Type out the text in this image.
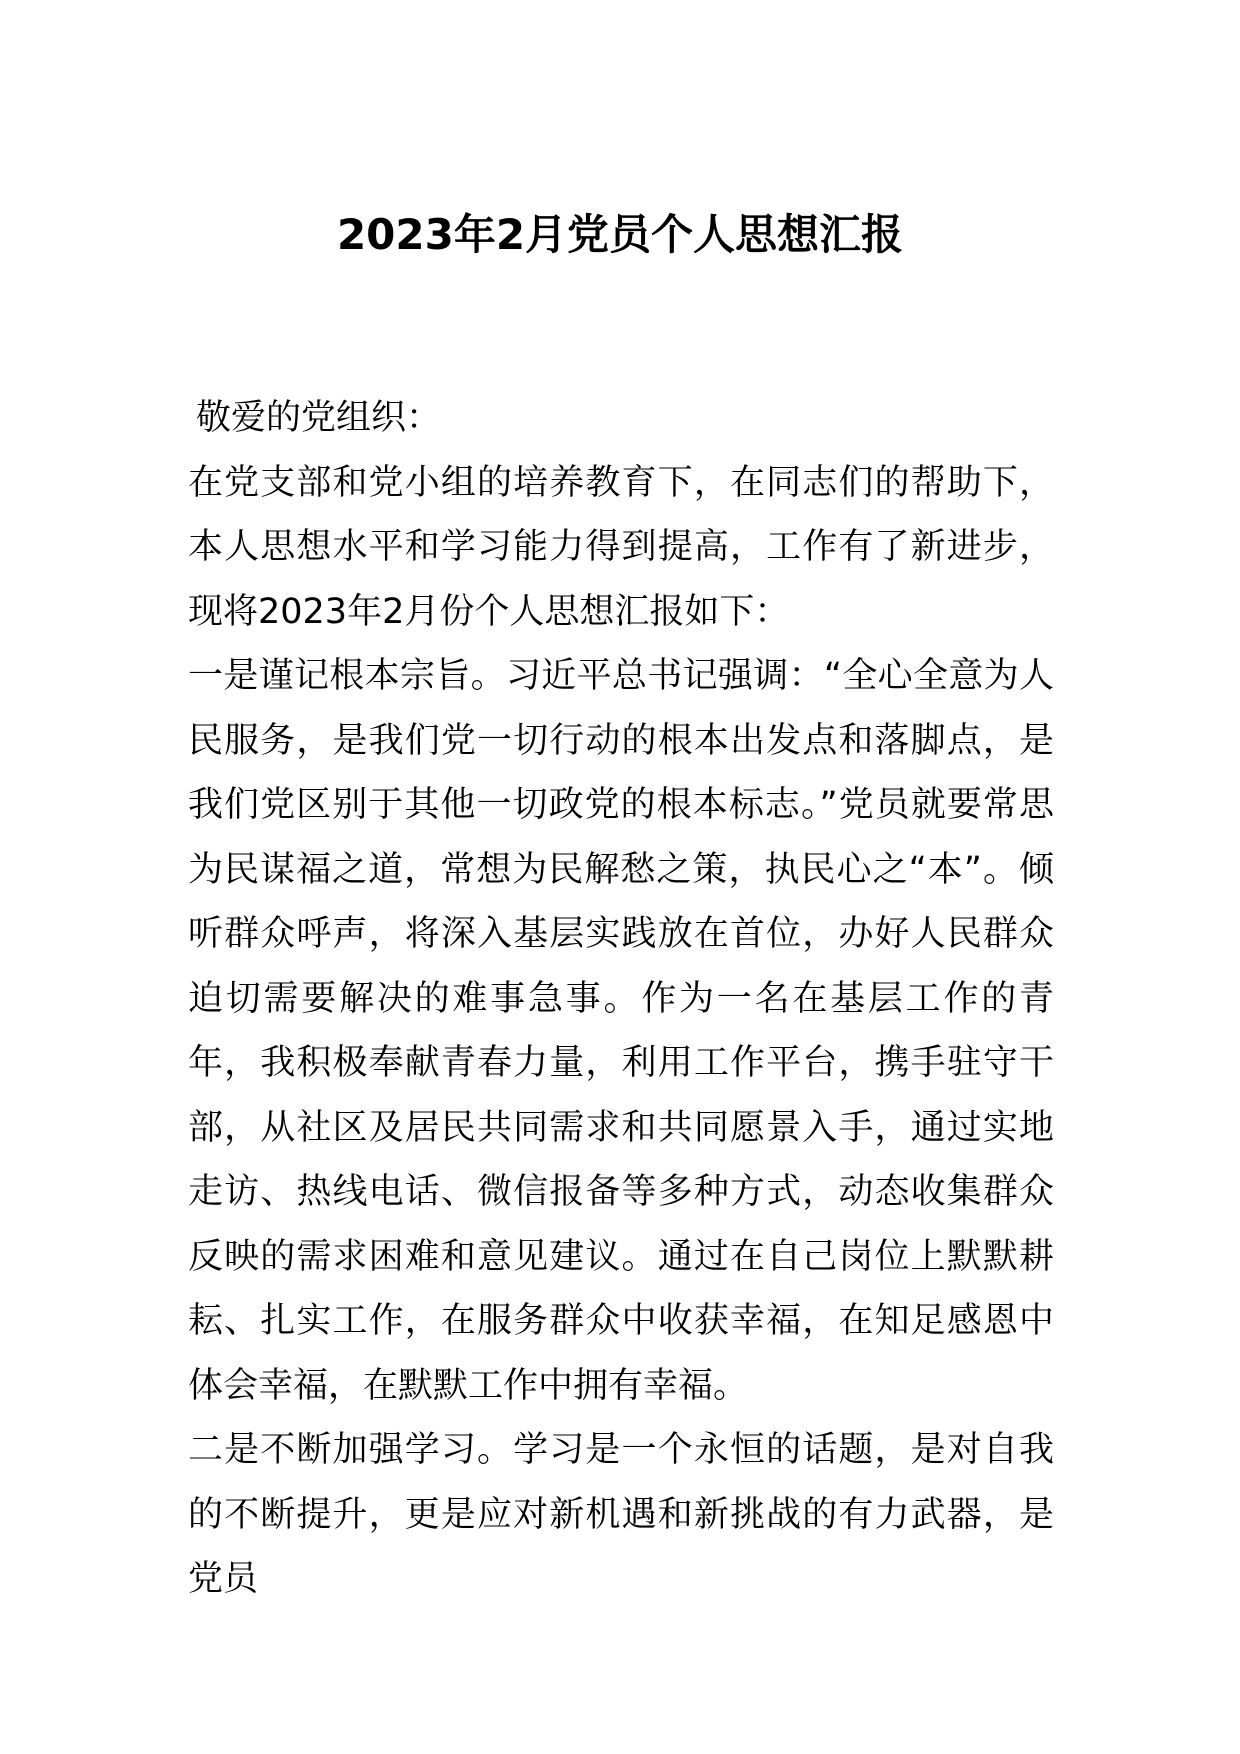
2023年2月党员个人思想汇报

敬爱的党组织：

在党支部和党小组的培养教育下，在同志们的帮助下，本人思想水平和学习能力得到提高，工作有了新进步，现将2023年2月份个人思想汇报如下：

一是谨记根本宗旨。习近平总书记强调：“全心全意为人民服务，是我们党一切行动的根本出发点和落脚点，是我们党区别于其他一切政党的根本标志。”党员就要常思为民谋福之道，常想为民解愁之策，执民心之“本”。倾听群众呼声，将深入基层实践放在首位，办好人民群众迫切需要解决的难事急事。作为一名在基层工作的青年，我积极奉献青春力量，利用工作平台，携手驻守干部，从社区及居民共同需求和共同愿景入手，通过实地走访、热线电话、微信报备等多种方式，动态收集群众反映的需求困难和意见建议。通过在自己岗位上默默耕耘、扎实工作，在服务群众中收获幸福，在知足感恩中体会幸福，在默默工作中拥有幸福。

二是不断加强学习。学习是一个永恒的话题，是对自我的不断提升，更是应对新机遇和新挑战的有力武器，是党员
